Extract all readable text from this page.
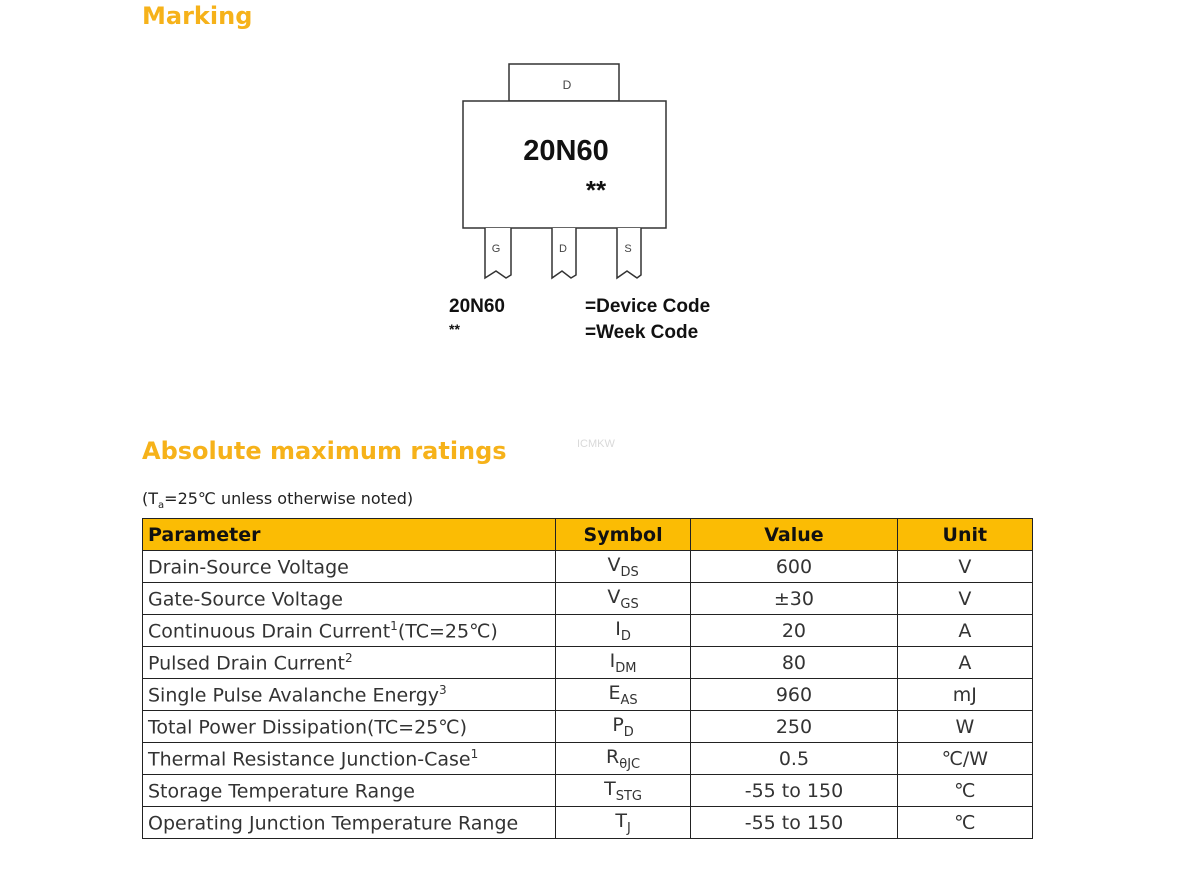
Marking
D
20N60
**
G	D	S
20N60
**
=Device Code
=Week Code
Absolute maximum ratings	ICMKW
($T_a=25℃$ unless otherwise noted)
Parameter	Symbol	Value	Unit
Drain-Source Voltage	$V_{DS}$	600	V
Gate-Source Voltage	$V_{GS}$	±30	V
Continuous Drain Current$^1$(TC=25℃)	$I_D$	20	A
Pulsed Drain Current$^2$	$I_{DM}$	80	A
Single Pulse Avalanche Energy$^3$	$E_{AS}$	960	mJ
Total Power Dissipation(TC=25℃)	$P_D$	250	W
Thermal Resistance Junction-Case$^1$	$R_{\theta JC}$	0.5	℃/W
Storage Temperature Range	$T_{STG}$	-55 to 150	℃
Operating Junction Temperature Range	$T_J$	-55 to 150	℃
